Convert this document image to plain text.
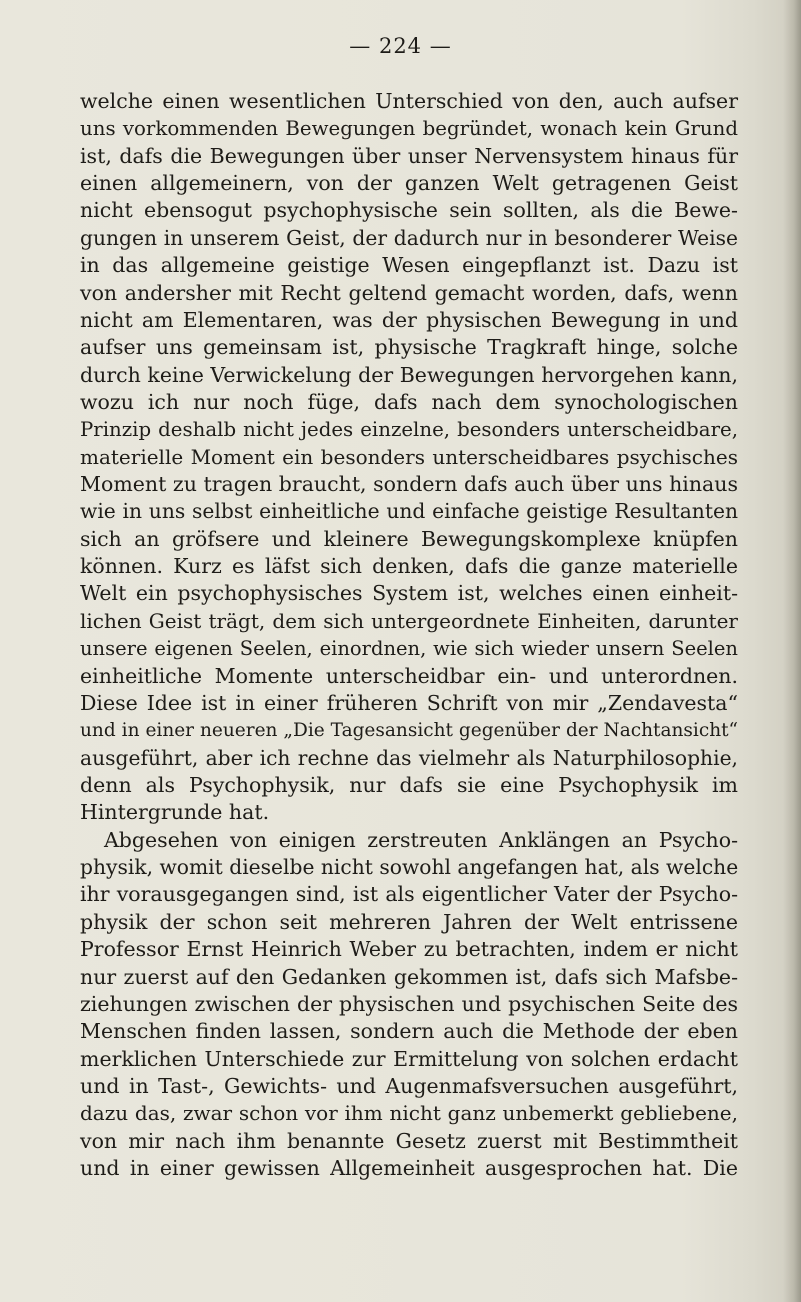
— 224 —
welche einen wesentlichen Unterschied von den, auch aufser
uns vorkommenden Bewegungen begründet, wonach kein Grund
ist, dafs die Bewegungen über unser Nervensystem hinaus für
einen allgemeinern, von der ganzen Welt getragenen Geist
nicht ebensogut psychophysische sein sollten, als die Bewe-
gungen in unserem Geist, der dadurch nur in besonderer Weise
in das allgemeine geistige Wesen eingepflanzt ist. Dazu ist
von andersher mit Recht geltend gemacht worden, dafs, wenn
nicht am Elementaren, was der physischen Bewegung in und
aufser uns gemeinsam ist, physische Tragkraft hinge, solche
durch keine Verwickelung der Bewegungen hervorgehen kann,
wozu ich nur noch füge, dafs nach dem synochologischen
Prinzip deshalb nicht jedes einzelne, besonders unterscheidbare,
materielle Moment ein besonders unterscheidbares psychisches
Moment zu tragen braucht, sondern dafs auch über uns hinaus
wie in uns selbst einheitliche und einfache geistige Resultanten
sich an gröfsere und kleinere Bewegungskomplexe knüpfen
können. Kurz es läfst sich denken, dafs die ganze materielle
Welt ein psychophysisches System ist, welches einen einheit-
lichen Geist trägt, dem sich untergeordnete Einheiten, darunter
unsere eigenen Seelen, einordnen, wie sich wieder unsern Seelen
einheitliche Momente unterscheidbar ein- und unterordnen.
Diese Idee ist in einer früheren Schrift von mir „Zendavesta“
und in einer neueren „Die Tagesansicht gegenüber der Nachtansicht“
ausgeführt, aber ich rechne das vielmehr als Naturphilosophie,
denn als Psychophysik, nur dafs sie eine Psychophysik im
Hintergrunde hat.
Abgesehen von einigen zerstreuten Anklängen an Psycho-
physik, womit dieselbe nicht sowohl angefangen hat, als welche
ihr vorausgegangen sind, ist als eigentlicher Vater der Psycho-
physik der schon seit mehreren Jahren der Welt entrissene
Professor Ernst Heinrich Weber zu betrachten, indem er nicht
nur zuerst auf den Gedanken gekommen ist, dafs sich Mafsbe-
ziehungen zwischen der physischen und psychischen Seite des
Menschen finden lassen, sondern auch die Methode der eben
merklichen Unterschiede zur Ermittelung von solchen erdacht
und in Tast-, Gewichts- und Augenmafsversuchen ausgeführt,
dazu das, zwar schon vor ihm nicht ganz unbemerkt gebliebene,
von mir nach ihm benannte Gesetz zuerst mit Bestimmtheit
und in einer gewissen Allgemeinheit ausgesprochen hat. Die
